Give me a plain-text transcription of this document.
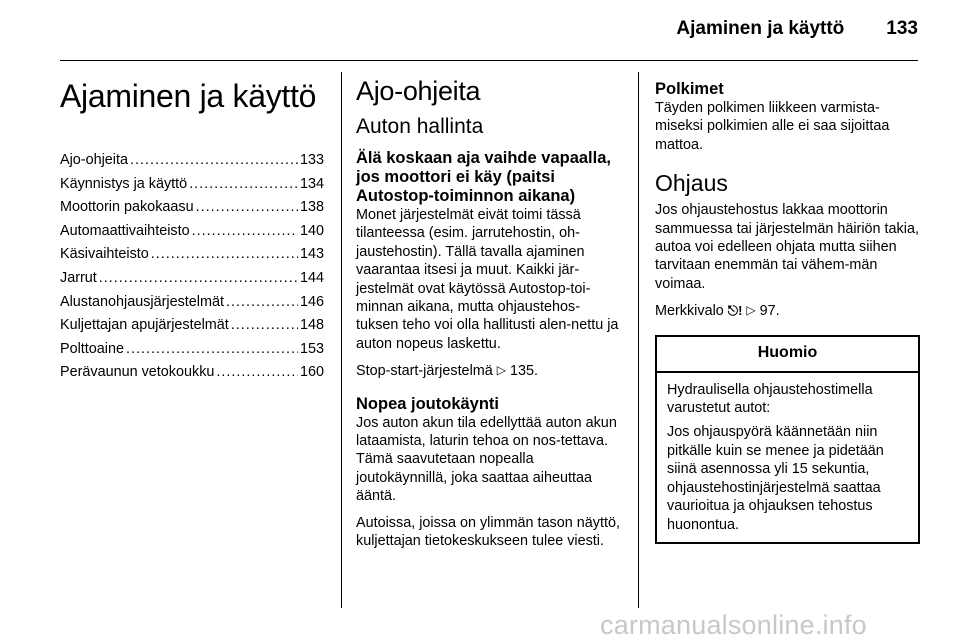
Ajaminen ja käyttö 133
Ajaminen ja käyttö
Ajo-ohjeita .....	133
Käynnistys ja käyttö .....	134
Moottorin pakokaasu .....	138
Automaattivaihteisto .....	140
Käsivaihteisto .....	143
Jarrut .....	144
Alustanohjausjärjestelmät .....	146
Kuljettajan apujärjestelmät .....	148
Polttoaine .....	153
Perävaunun vetokoukku .....	160
Ajo-ohjeita
Auton hallinta
Älä koskaan aja vaihde vapaalla, jos moottori ei käy (paitsi Autostop-toiminnon aikana)

Monet järjestelmät eivät toimi tässä tilanteessa (esim. jarrutehostin, oh-jaustehostin). Tällä tavalla ajaminen vaarantaa itsesi ja muut. Kaikki jär-jestelmät ovat käytössä Autostop-toi-minnan aikana, mutta ohjaustehos-tuksen teho voi olla hallitusti alen-nettu ja auton nopeus laskettu.

Stop-start-järjestelmä ▷ 135.

Nopea joutokäynti

Jos auton akun tila edellyttää auton akun lataamista, laturin tehoa on nos-tettava. Tämä saavutetaan nopealla joutokäynnillä, joka saattaa aiheuttaa ääntä.

Autoissa, joissa on ylimmän tason näyttö, kuljettajan tietokeskukseen tulee viesti.

Polkimet

Täyden polkimen liikkeen varmista-miseksi polkimien alle ei saa sijoittaa mattoa.

Ohjaus

Jos ohjaustehostus lakkaa moottorin sammuessa tai järjestelmän häiriön takia, autoa voi edelleen ohjata mutta siihen tarvitaan enemmän tai vähem-män voimaa.

Merkkivalo ⎋! ▷ 97.

Huomio

Hydraulisella ohjaustehostimella varustetut autot:

Jos ohjauspyörä käännetään niin pitkälle kuin se menee ja pidetään siinä asennossa yli 15 sekuntia, ohjaustehostinjärjestelmä saattaa vaurioitua ja ohjauksen tehostus huonontua.

carmanualsonline.info
